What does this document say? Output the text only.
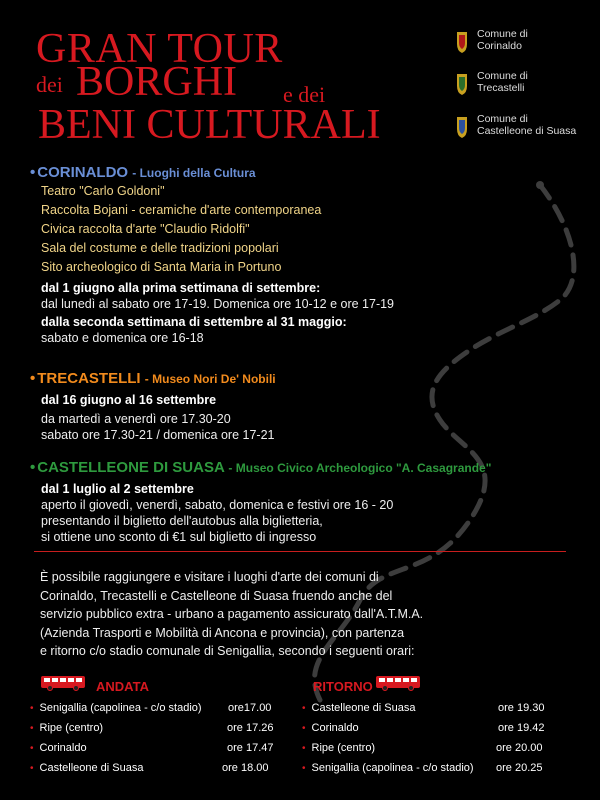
GRAN TOUR
dei BORGHI e dei
BENI CULTURALI
Comune di
Corinaldo
Comune di
Trecastelli
Comune di
Castelleone di Suasa
• CORINALDO - Luoghi della Cultura
Teatro "Carlo Goldoni"
Raccolta Bojani - ceramiche d'arte contemporanea
Civica raccolta d'arte "Claudio Ridolfi"
Sala del costume e delle tradizioni popolari
Sito archeologico di Santa Maria in Portuno
dal 1 giugno alla prima settimana di settembre:
dal lunedì al sabato ore 17-19. Domenica ore 10-12 e ore 17-19
dalla seconda settimana di settembre al 31 maggio:
sabato e domenica ore 16-18
• TRECASTELLI - Museo Nori De' Nobili
dal 16 giugno al 16 settembre
da martedì a venerdì ore 17.30-20
sabato ore 17.30-21 / domenica ore 17-21
• CASTELLEONE DI SUASA - Museo Civico Archeologico "A. Casagrande"
dal 1 luglio al 2 settembre
aperto il giovedì, venerdì, sabato, domenica e festivi ore 16 - 20
presentando il biglietto dell'autobus alla biglietteria,
si ottiene uno sconto di €1 sul biglietto di ingresso
È possibile raggiungere e visitare i luoghi d'arte dei comuni di
Corinaldo, Trecastelli e Castelleone di Suasa fruendo anche del
servizio pubblico extra - urbano a pagamento assicurato dall'A.T.M.A.
(Azienda Trasporti e Mobilità di Ancona e provincia), con partenza
e ritorno c/o stadio comunale di Senigallia, secondo i seguenti orari:
ANDATA
• Senigallia (capolinea - c/o stadio) ore17.00
• Ripe (centro)	ore 17.26
• Corinaldo	ore 17.47
• Castelleone di Suasa	ore 18.00
RITORNO
• Castelleone di Suasa	ore 19.30
• Corinaldo	ore 19.42
• Ripe (centro)	ore 20.00
• Senigallia (capolinea - c/o stadio) ore 20.25
